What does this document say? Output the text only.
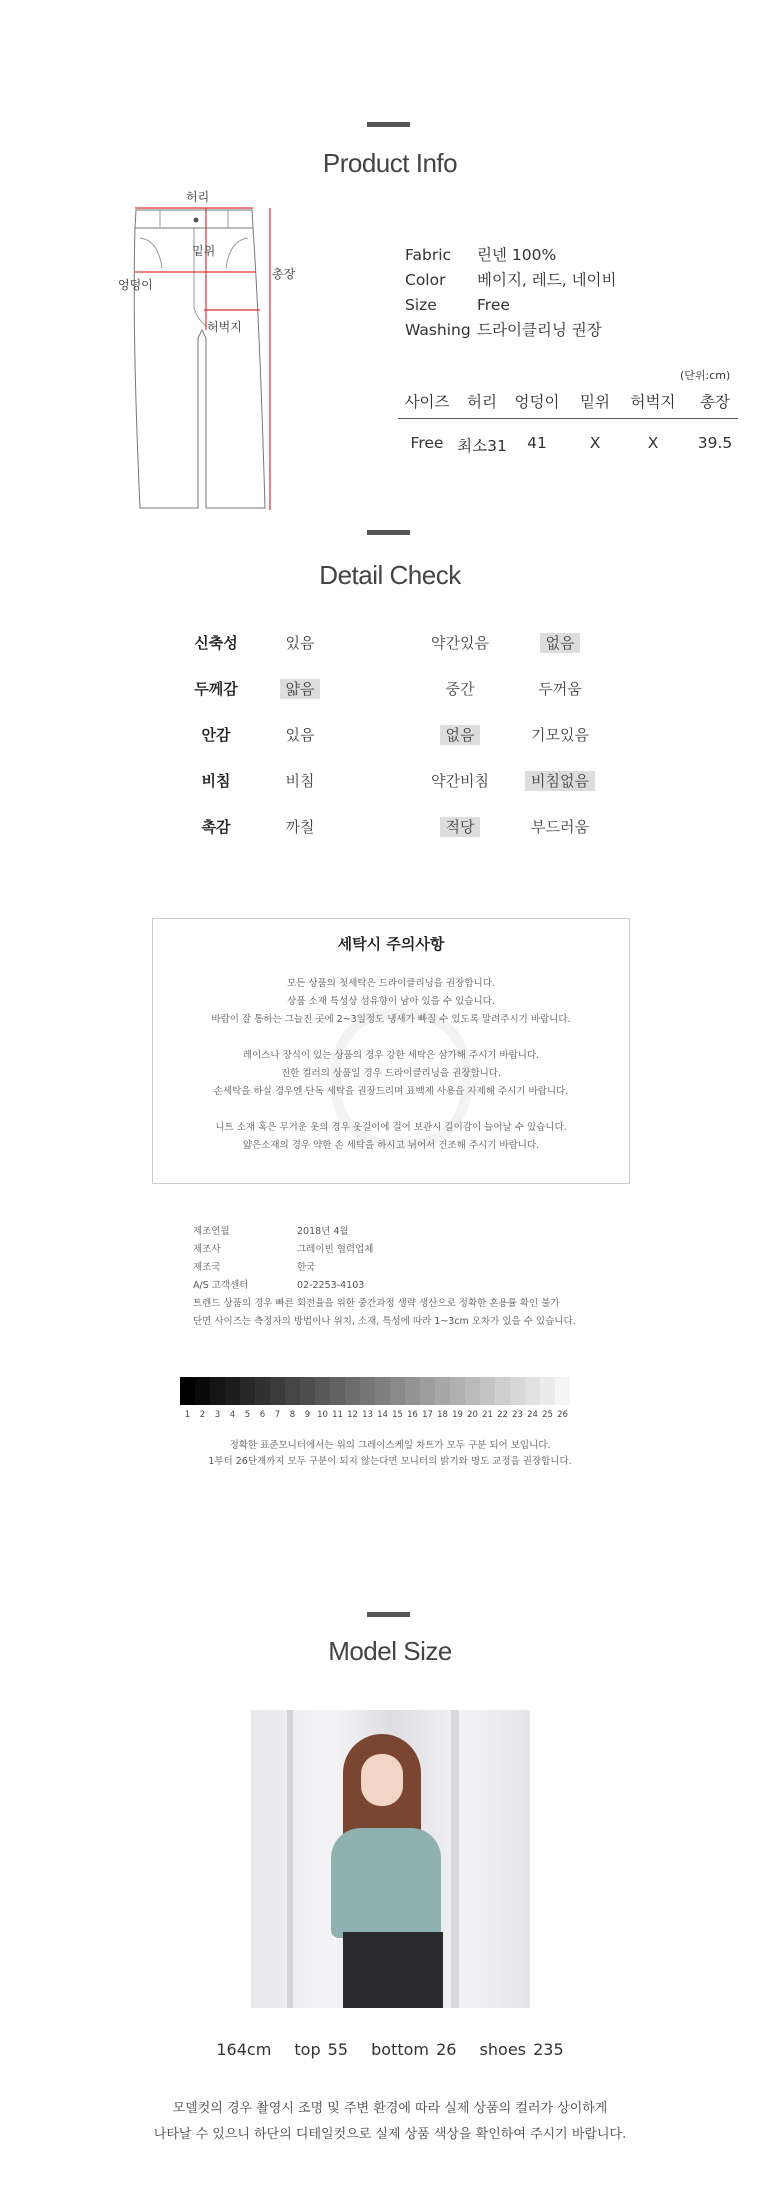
Product Info
허리
밑위
엉덩이
총장
허벅지
Fabric 린넨 100%
Color 베이지, 레드, 네이비
Size	Free
Washing 드라이클리닝 권장
(단위:cm)
사이즈	허리	엉덩이	밑위	허벅지	총장
Free 최소31	41	X	X	39.5
Detail Check
신축성	있음	약간있음	없음
두께감	얇음	중간	두꺼움
안감	있음	없음	기모있음
비침	비침	약간비침	비침없음
촉감	까칠	적당	부드러움
세탁시 주의사항
모든 상품의 첫세탁은 드라이클리닝을 권장합니다.
상품 소재 특성상 섬유향이 남아 있을 수 있습니다.
바람이 잘 통하는 그늘진 곳에 2~3일정도 냉새가 빠질 수 있도록 말려주시기 바랍니다.
레이스나 장식이 있는 상품의 경우 강한 세탁은 삼가해 주시기 바랍니다.
진한 컬러의 상품일 경우 드라이클리닝을 권장합니다.
손세탁을 하실 경우엔 단독 세탁을 권장드리며 표백제 사용을 자제해 주시기 바랍니다.
니트 소재 혹은 무거운 옷의 경우 옷걸이에 걸어 보관시 길이감이 늘어날 수 있습니다.
얇은소재의 경우 약한 손 세탁을 하시고 뉘어서 건조해 주시기 바랍니다.
제조연월	2018년 4월
제조사	그레이빈 협력업체
제조국	한국
A/S 고객센터	02-2253-4103
트렌드 상품의 경우 빠른 회전율을 위한 중간과정 생략 생산으로 정확한 혼용률 확인 불가
단면 사이즈는 측정자의 방법이나 위치, 소재, 특성에 따라 1~3cm 오차가 있을 수 있습니다.
1	2	3	4	5	6	7	8	9 10 11 12 13 14 15 16 17 18 19 20 21 22 23 24 25 26
정확한 표준모니터에서는 위의 그레이스케일 차트가 모두 구분 되어 보입니다.
1부터 26단계까지 모두 구분이 되지 않는다면 모니터의 밝기와 명도 교정을 권장합니다.
Model Size
164cm top 55 bottom 26 shoes 235
모델컷의 경우 촬영시 조명 및 주변 환경에 따라 실제 상품의 컬러가 상이하게
나타날 수 있으니 하단의 디테일컷으로 실제 상품 색상을 확인하여 주시기 바랍니다.
